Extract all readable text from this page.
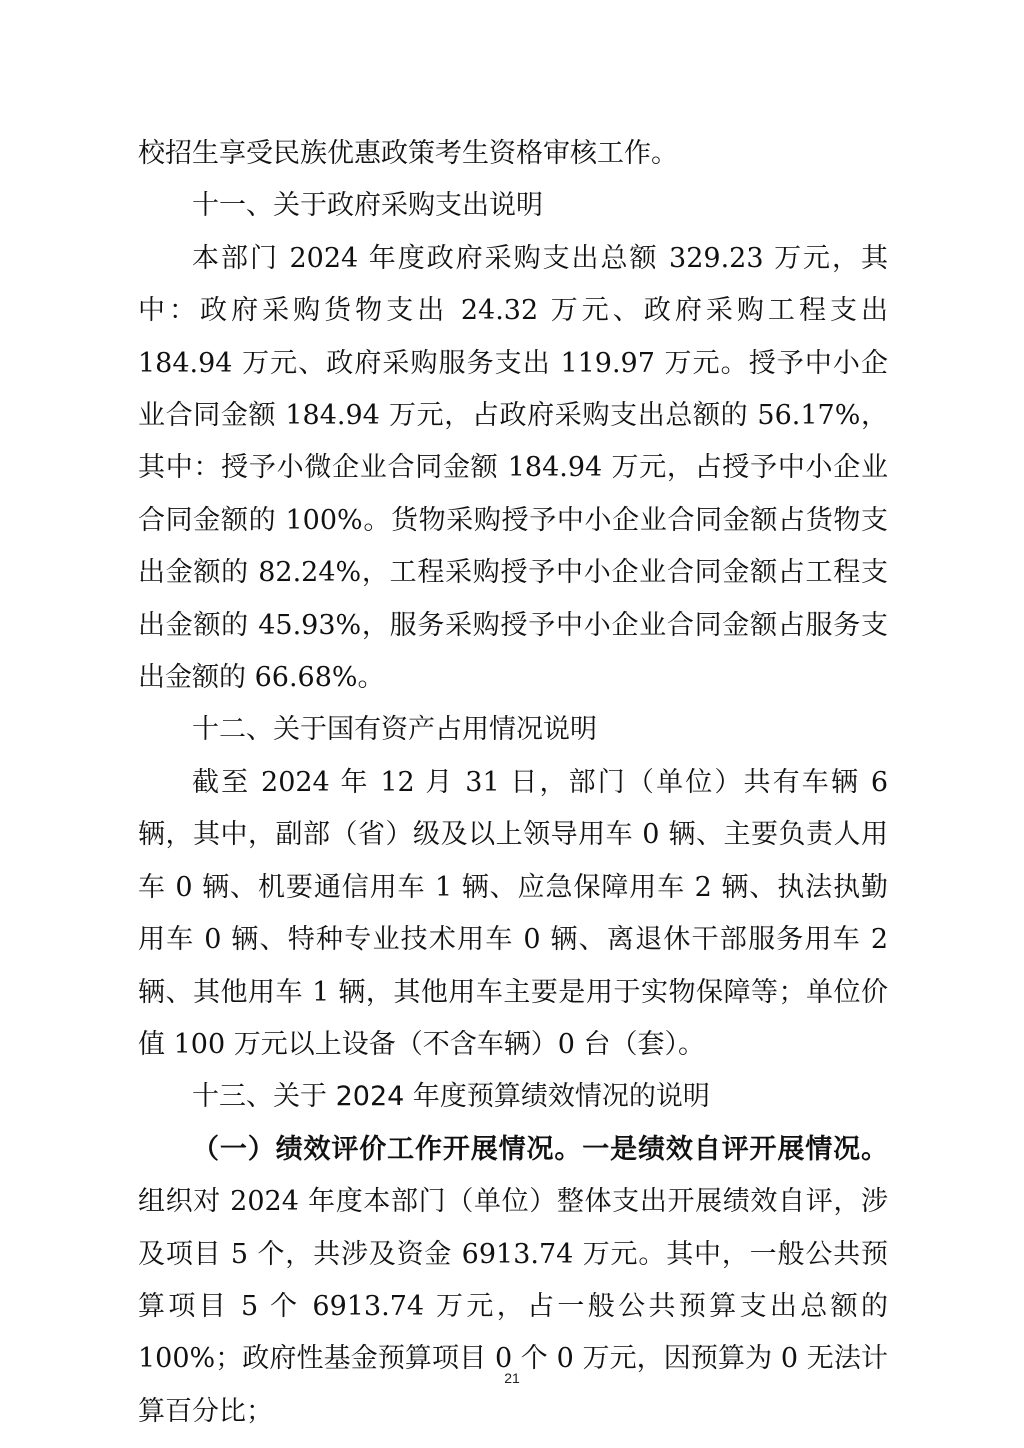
校招生享受民族优惠政策考生资格审核工作。

十一、关于政府采购支出说明

本部门 2024 年度政府采购支出总额 329.23 万元，其中：政府采购货物支出 24.32 万元、政府采购工程支出 184.94 万元、政府采购服务支出 119.97 万元。授予中小企业合同金额 184.94 万元，占政府采购支出总额的 56.17%，其中：授予小微企业合同金额 184.94 万元，占授予中小企业合同金额的 100%。货物采购授予中小企业合同金额占货物支出金额的 82.24%，工程采购授予中小企业合同金额占工程支出金额的 45.93%，服务采购授予中小企业合同金额占服务支出金额的 66.68%。

十二、关于国有资产占用情况说明

截至 2024 年 12 月 31 日，部门（单位）共有车辆 6 辆，其中，副部（省）级及以上领导用车 0 辆、主要负责人用车 0 辆、机要通信用车 1 辆、应急保障用车 2 辆、执法执勤用车 0 辆、特种专业技术用车 0 辆、离退休干部服务用车 2 辆、其他用车 1 辆，其他用车主要是用于实物保障等；单位价值 100 万元以上设备（不含车辆）0 台（套）。

十三、关于 2024 年度预算绩效情况的说明

（一）绩效评价工作开展情况。一是绩效自评开展情况。组织对 2024 年度本部门（单位）整体支出开展绩效自评，涉及项目 5 个，共涉及资金 6913.74 万元。其中，一般公共预算项目 5 个 6913.74 万元，占一般公共预算支出总额的 100%；政府性基金预算项目 0 个 0 万元，因预算为 0 无法计算百分比；

21
